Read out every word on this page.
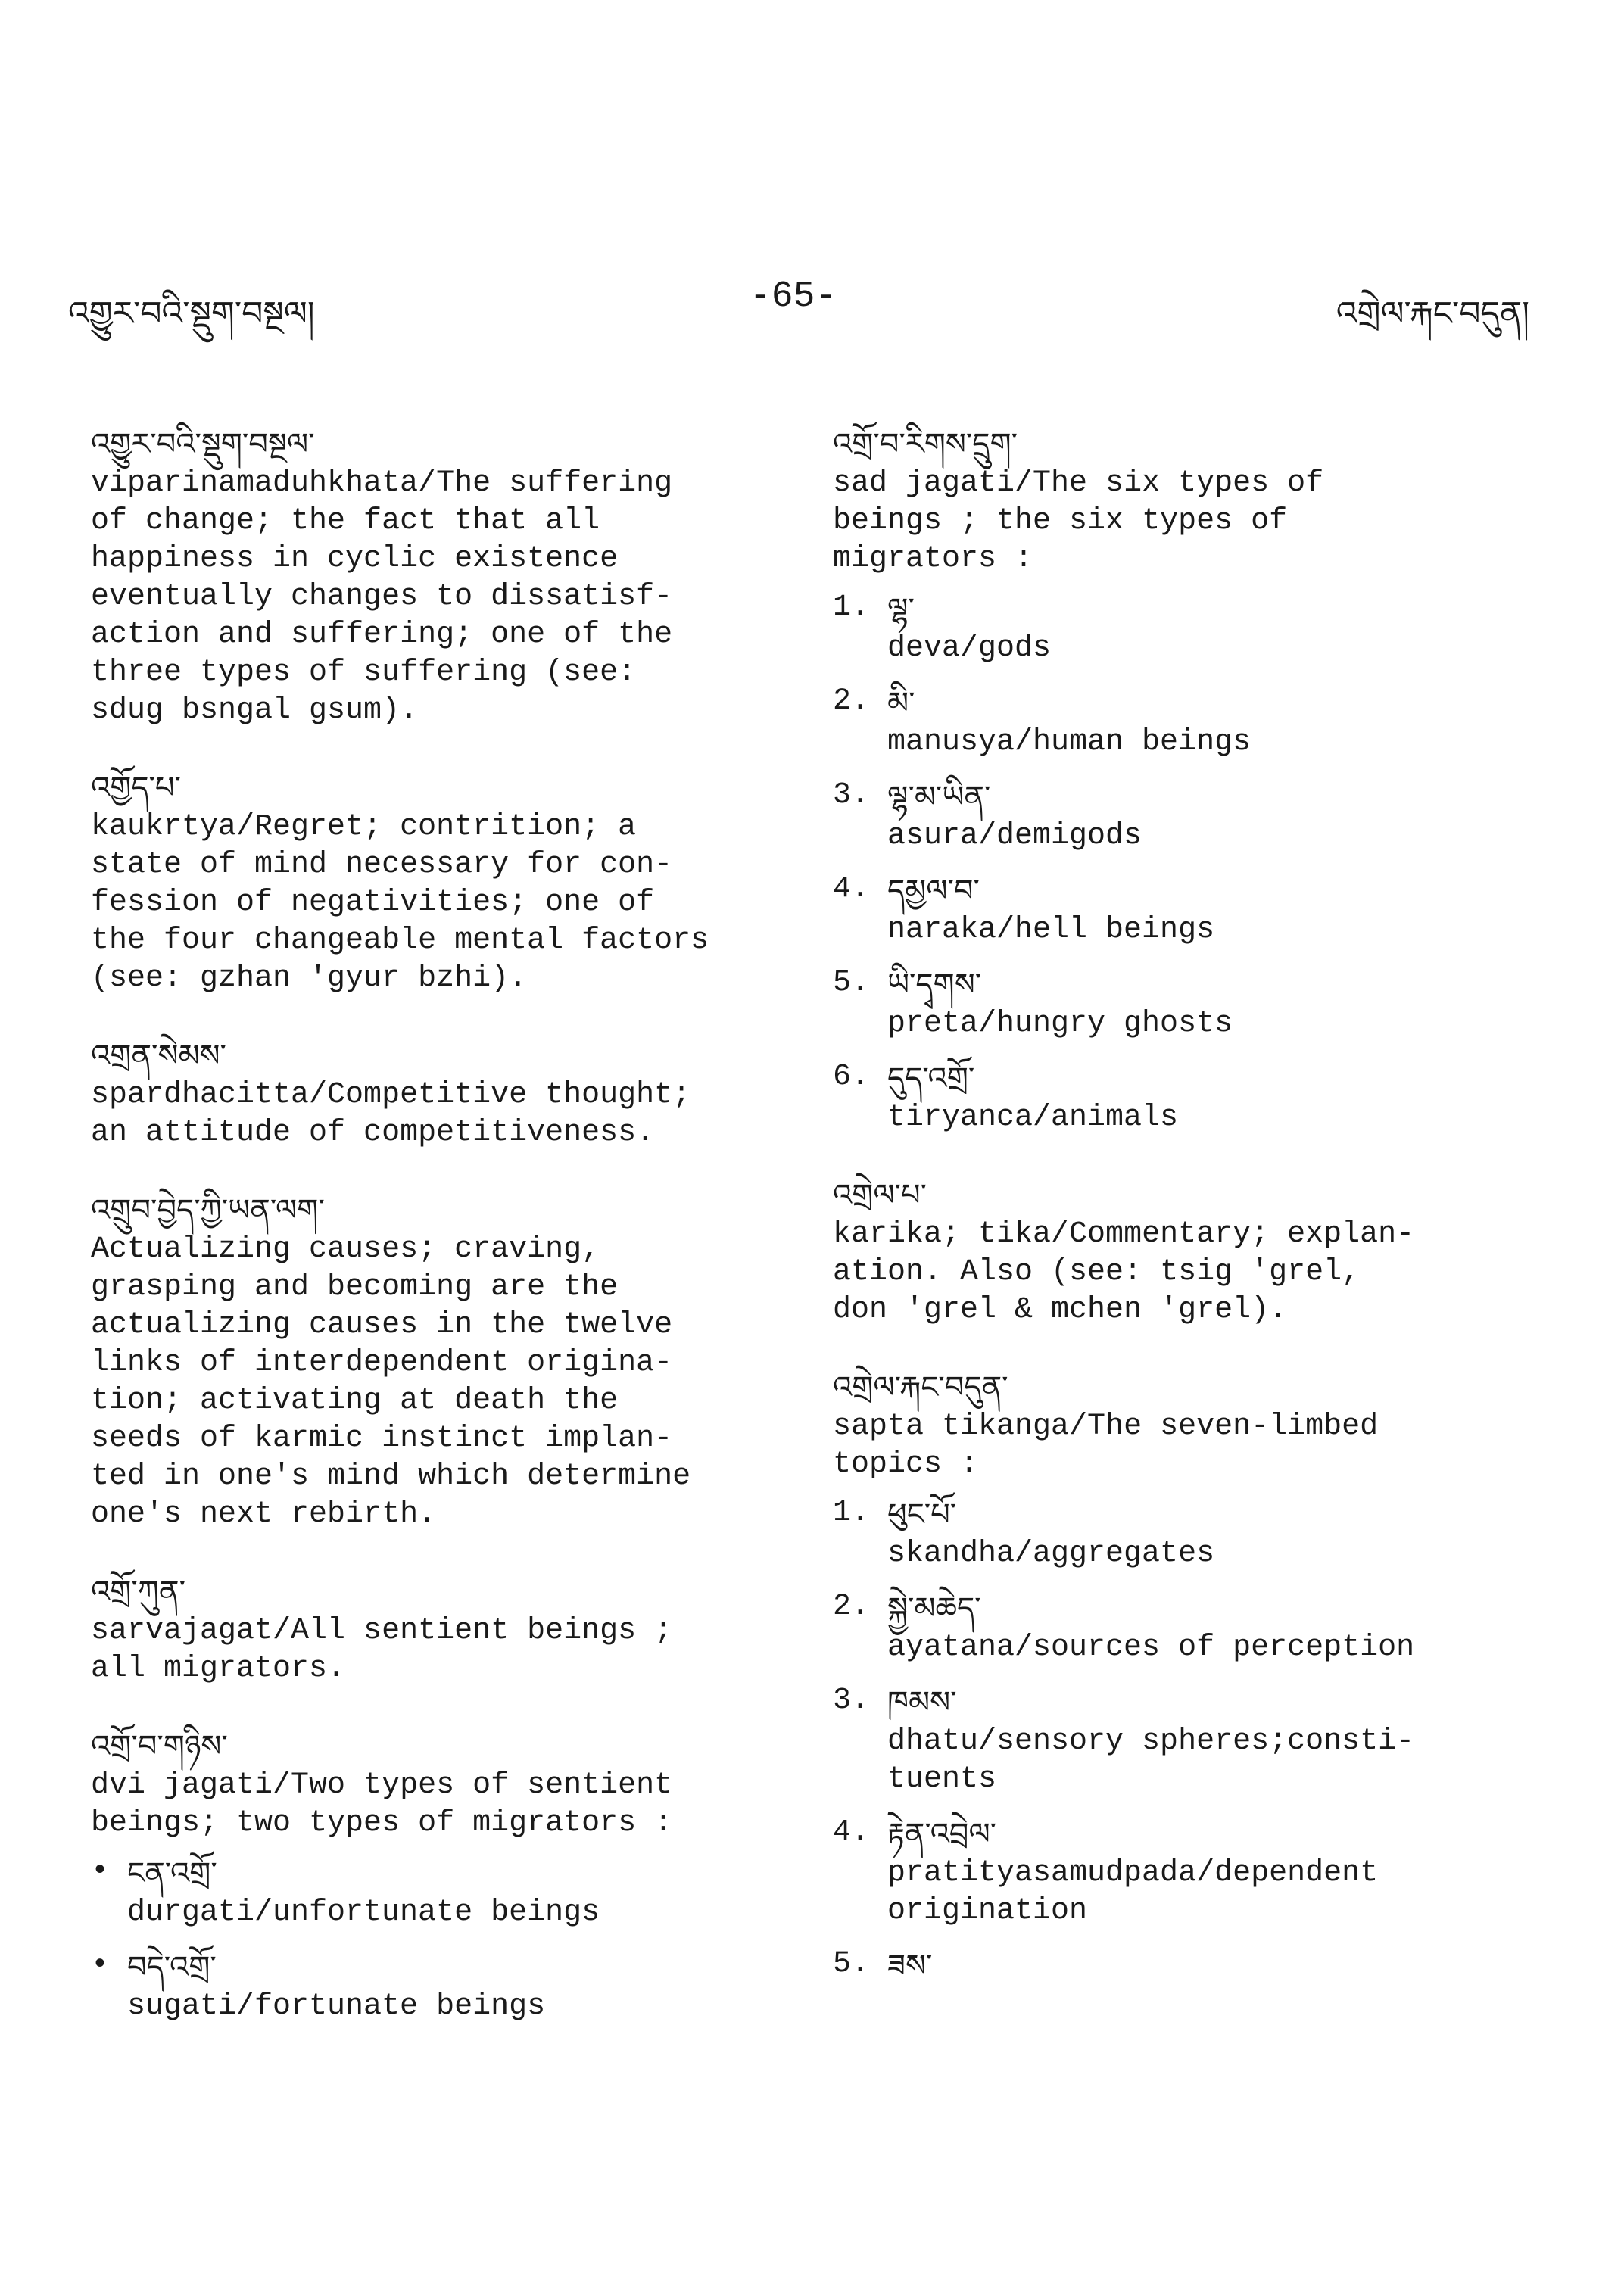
འགྱུར་བའི་སྡུག་བསྔལ།	-65-	འགྲེལ་རྐང་བདུན།
འགྱུར་བའི་སྡུག་བསྔལ་
viparinamaduhkhata/The suffering
of change; the fact that all
happiness in cyclic existence
eventually changes to dissatisf-
action and suffering; one of the
three types of suffering (see:
sdug bsngal gsum).
འགྱོད་པ་
kaukrtya/Regret; contrition; a
state of mind necessary for con-
fession of negativities; one of
the four changeable mental factors
(see: gzhan 'gyur bzhi).
འགྲན་སེམས་
spardhacitta/Competitive thought;
an attitude of competitiveness.
འགྲུབ་བྱེད་ཀྱི་ཡན་ལག་
Actualizing causes; craving,
grasping and becoming are the
actualizing causes in the twelve
links of interdependent origina-
tion; activating at death the
seeds of karmic instinct implan-
ted in one's mind which determine
one's next rebirth.
འགྲོ་ཀུན་
sarvajagat/All sentient beings ;
all migrators.
འགྲོ་བ་གཉིས་
dvi jagati/Two types of sentient
beings; two types of migrators :
• ངན་འགྲོ་
durgati/unfortunate beings
• བདེ་འགྲོ་
sugati/fortunate beings
འགྲོ་བ་རིགས་དྲུག་
sad jagati/The six types of
beings ; the six types of
migrators :
1. ལྷ་
deva/gods
2. མི་
manusya/human beings
3. ལྷ་མ་ཡིན་
asura/demigods
4. དམྱལ་བ་
naraka/hell beings
5. ཡི་དྭགས་
preta/hungry ghosts
6. དུད་འགྲོ་
tiryanca/animals
འགྲེལ་པ་
karika; tika/Commentary; explan-
ation. Also (see: tsig 'grel,
don 'grel & mchen 'grel).
འགྲེལ་རྐང་བདུན་
sapta tikanga/The seven-limbed
topics :
1. ཕུང་པོ་
skandha/aggregates
2. སྐྱེ་མཆེད་
ayatana/sources of perception
3. ཁམས་
dhatu/sensory spheres;consti-
tuents
4. རྟེན་འབྲེལ་
pratityasamudpada/dependent
origination
5. ཟས་
